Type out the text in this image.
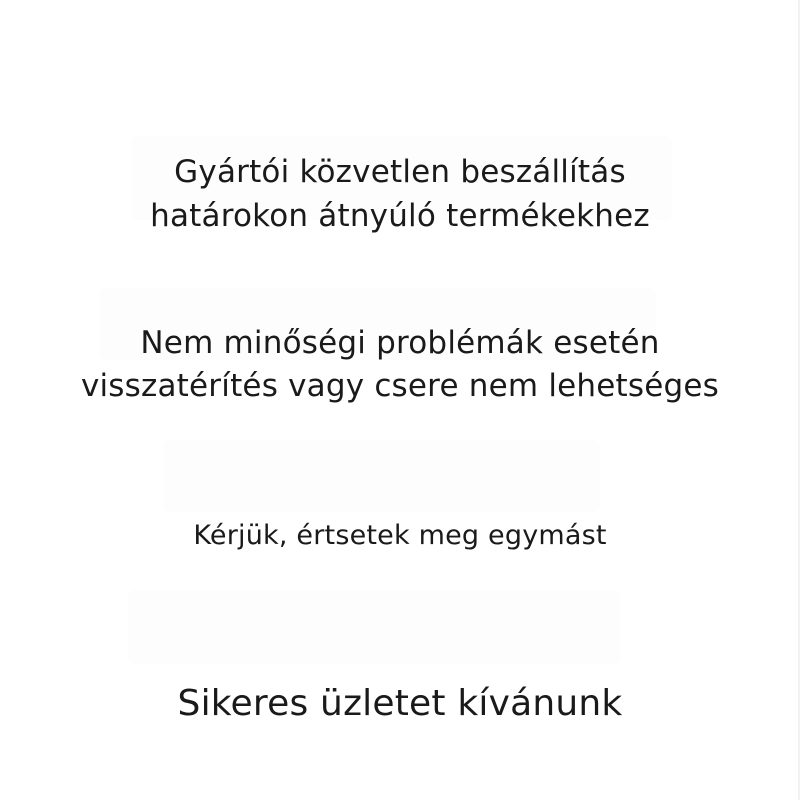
Gyártói közvetlen beszállítás
határokon átnyúló termékekhez
Nem minőségi problémák esetén
visszatérítés vagy csere nem lehetséges
Kérjük, értsetek meg egymást
Sikeres üzletet kívánunk
